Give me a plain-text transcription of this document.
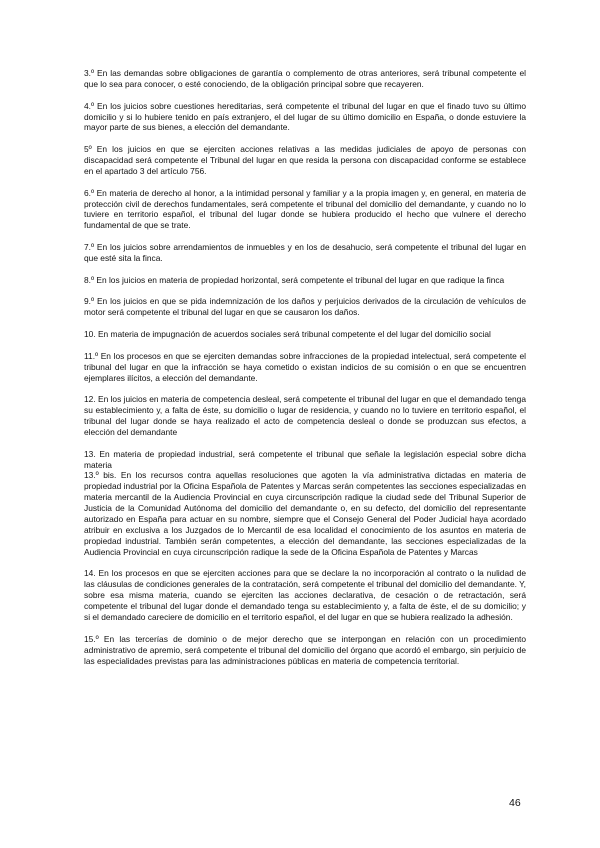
3.º En las demandas sobre obligaciones de garantía o complemento de otras anteriores, será tribunal competente el que lo sea para conocer, o esté conociendo, de la obligación principal sobre que recayeren.

4.º En los juicios sobre cuestiones hereditarias, será competente el tribunal del lugar en que el finado tuvo su último domicilio y si lo hubiere tenido en país extranjero, el del lugar de su último domicilio en España, o donde estuviere la mayor parte de sus bienes, a elección del demandante.

5º En los juicios en que se ejerciten acciones relativas a las medidas judiciales de apoyo de personas con discapacidad será competente el Tribunal del lugar en que resida la persona con discapacidad conforme se establece en el apartado 3 del artículo 756.

6.º En materia de derecho al honor, a la intimidad personal y familiar y a la propia imagen y, en general, en materia de protección civil de derechos fundamentales, será competente el tribunal del domicilio del demandante, y cuando no lo tuviere en territorio español, el tribunal del lugar donde se hubiera producido el hecho que vulnere el derecho fundamental de que se trate.

7.º En los juicios sobre arrendamientos de inmuebles y en los de desahucio, será competente el tribunal del lugar en que esté sita la finca.

8.º En los juicios en materia de propiedad horizontal, será competente el tribunal del lugar en que radique la finca

9.º En los juicios en que se pida indemnización de los daños y perjuicios derivados de la circulación de vehículos de motor será competente el tribunal del lugar en que se causaron los daños.

10. En materia de impugnación de acuerdos sociales será tribunal competente el del lugar del domicilio social

11.º En los procesos en que se ejerciten demandas sobre infracciones de la propiedad intelectual, será competente el tribunal del lugar en que la infracción se haya cometido o existan indicios de su comisión o en que se encuentren ejemplares ilícitos, a elección del demandante.

12. En los juicios en materia de competencia desleal, será competente el tribunal del lugar en que el demandado tenga su establecimiento y, a falta de éste, su domicilio o lugar de residencia, y cuando no lo tuviere en territorio español, el tribunal del lugar donde se haya realizado el acto de competencia desleal o donde se produzcan sus efectos, a elección del demandante

13. En materia de propiedad industrial, será competente el tribunal que señale la legislación especial sobre dicha materia

13.º bis. En los recursos contra aquellas resoluciones que agoten la vía administrativa dictadas en materia de propiedad industrial por la Oficina Española de Patentes y Marcas serán competentes las secciones especializadas en materia mercantil de la Audiencia Provincial en cuya circunscripción radique la ciudad sede del Tribunal Superior de Justicia de la Comunidad Autónoma del domicilio del demandante o, en su defecto, del domicilio del representante autorizado en España para actuar en su nombre, siempre que el Consejo General del Poder Judicial haya acordado atribuir en exclusiva a los Juzgados de lo Mercantil de esa localidad el conocimiento de los asuntos en materia de propiedad industrial. También serán competentes, a elección del demandante, las secciones especializadas de la Audiencia Provincial en cuya circunscripción radique la sede de la Oficina Española de Patentes y Marcas

14. En los procesos en que se ejerciten acciones para que se declare la no incorporación al contrato o la nulidad de las cláusulas de condiciones generales de la contratación, será competente el tribunal del domicilio del demandante. Y, sobre esa misma materia, cuando se ejerciten las acciones declarativa, de cesación o de retractación, será competente el tribunal del lugar donde el demandado tenga su establecimiento y, a falta de éste, el de su domicilio; y si el demandado careciere de domicilio en el territorio español, el del lugar en que se hubiera realizado la adhesión.

15.º En las tercerías de dominio o de mejor derecho que se interpongan en relación con un procedimiento administrativo de apremio, será competente el tribunal del domicilio del órgano que acordó el embargo, sin perjuicio de las especialidades previstas para las administraciones públicas en materia de competencia territorial.

46
